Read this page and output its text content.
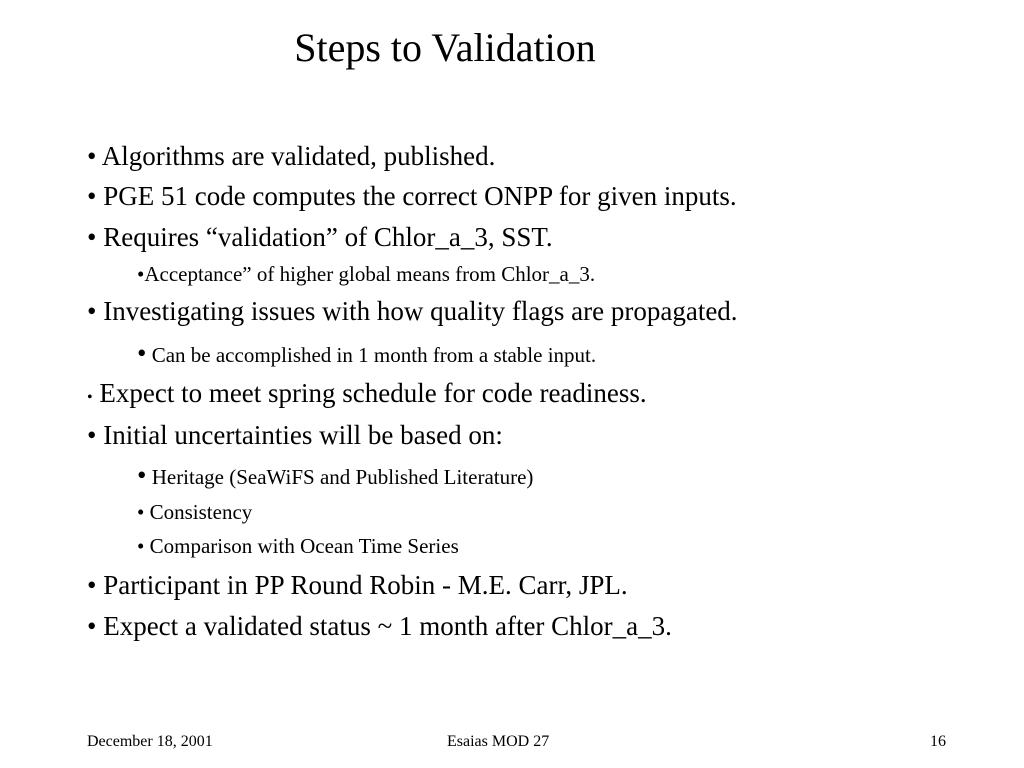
Steps to Validation
• Algorithms are validated, published.
• PGE 51 code computes the correct ONPP for given inputs.
• Requires “validation” of Chlor_a_3, SST.
•Acceptance” of higher global means from Chlor_a_3.
• Investigating issues with how quality flags are propagated.
• Can be accomplished in 1 month from a stable input.
• Expect to meet spring schedule for code readiness.
• Initial uncertainties will be based on:
• Heritage (SeaWiFS and Published Literature)
• Consistency
• Comparison with Ocean Time Series
• Participant in PP Round Robin - M.E. Carr, JPL.
• Expect a validated status ~ 1 month after Chlor_a_3.
December 18, 2001	Esaias MOD 27	16
